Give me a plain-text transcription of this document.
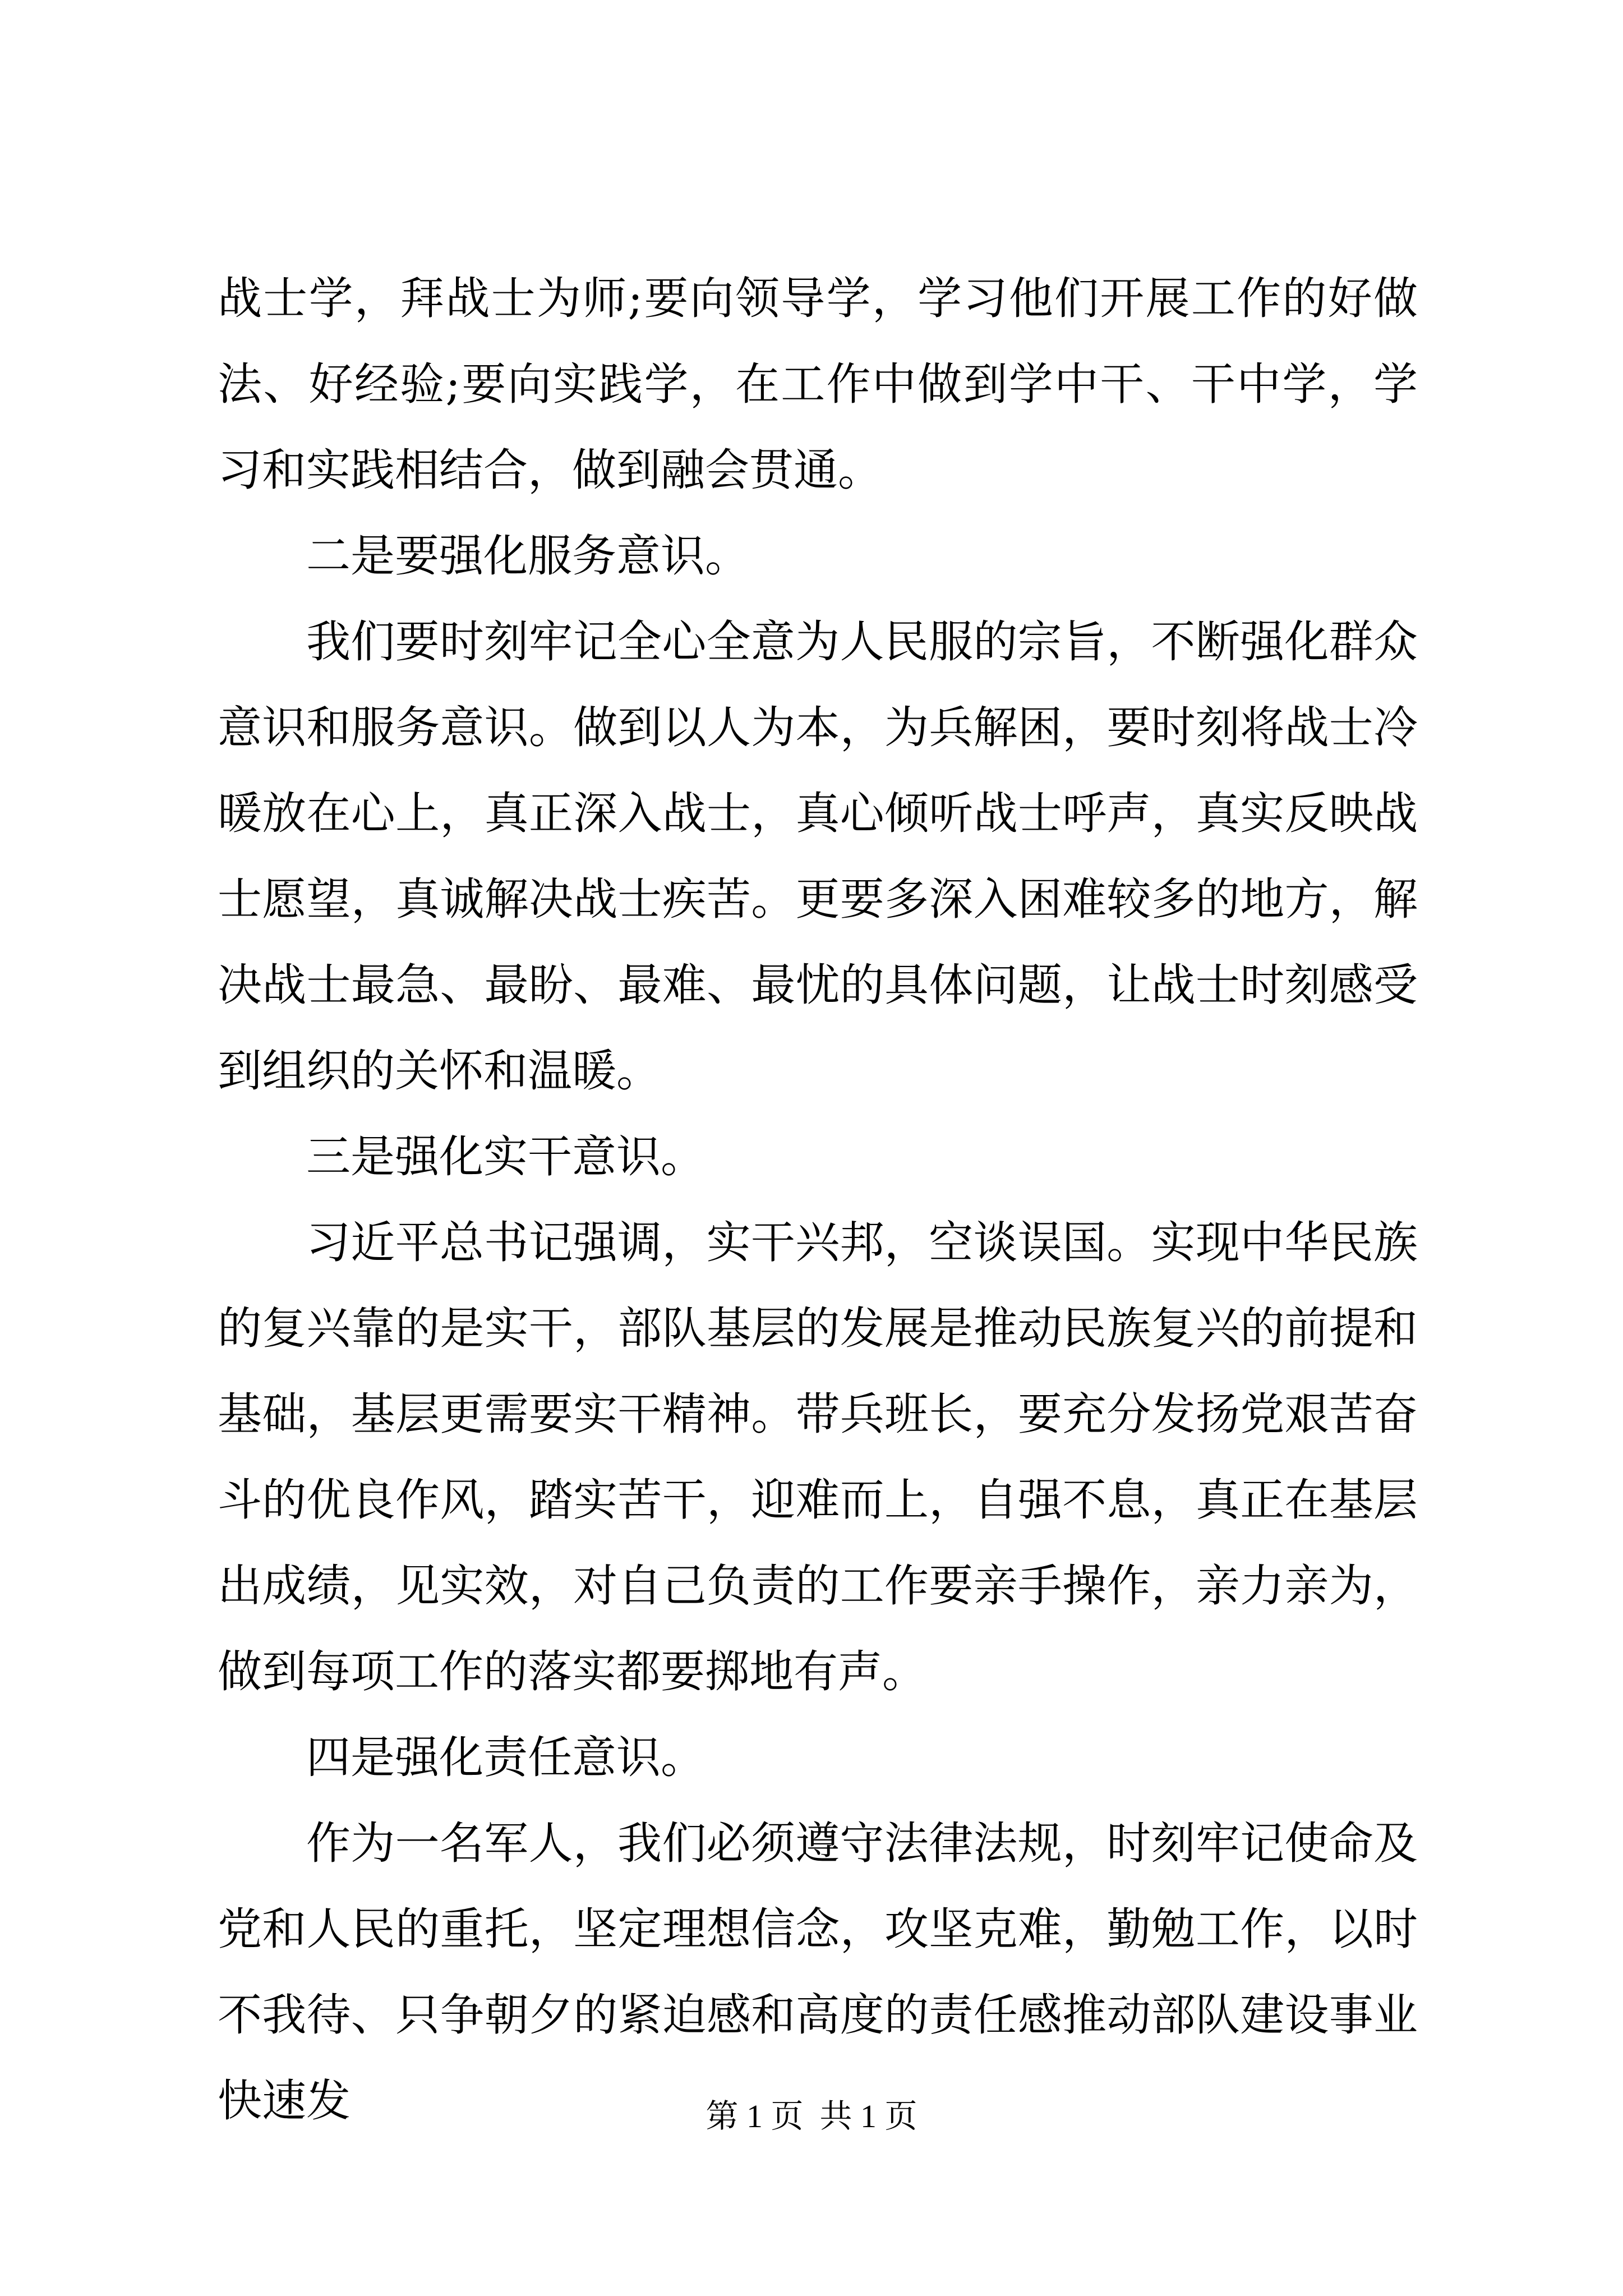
战士学，拜战士为师;要向领导学，学习他们开展工作的好做法、好经验;要向实践学，在工作中做到学中干、干中学，学习和实践相结合，做到融会贯通。

二是要强化服务意识。

我们要时刻牢记全心全意为人民服的宗旨，不断强化群众意识和服务意识。做到以人为本，为兵解困，要时刻将战士冷暖放在心上，真正深入战士，真心倾听战士呼声，真实反映战士愿望，真诚解决战士疾苦。更要多深入困难较多的地方，解决战士最急、最盼、最难、最忧的具体问题，让战士时刻感受到组织的关怀和温暖。

三是强化实干意识。

习近平总书记强调，实干兴邦，空谈误国。实现中华民族的复兴靠的是实干，部队基层的发展是推动民族复兴的前提和基础，基层更需要实干精神。带兵班长，要充分发扬党艰苦奋斗的优良作风，踏实苦干，迎难而上，自强不息，真正在基层出成绩，见实效，对自己负责的工作要亲手操作，亲力亲为，做到每项工作的落实都要掷地有声。

四是强化责任意识。

作为一名军人，我们必须遵守法律法规，时刻牢记使命及党和人民的重托，坚定理想信念，攻坚克难，勤勉工作，以时不我待、只争朝夕的紧迫感和高度的责任感推动部队建设事业快速发	第 1 页  共 1 页
